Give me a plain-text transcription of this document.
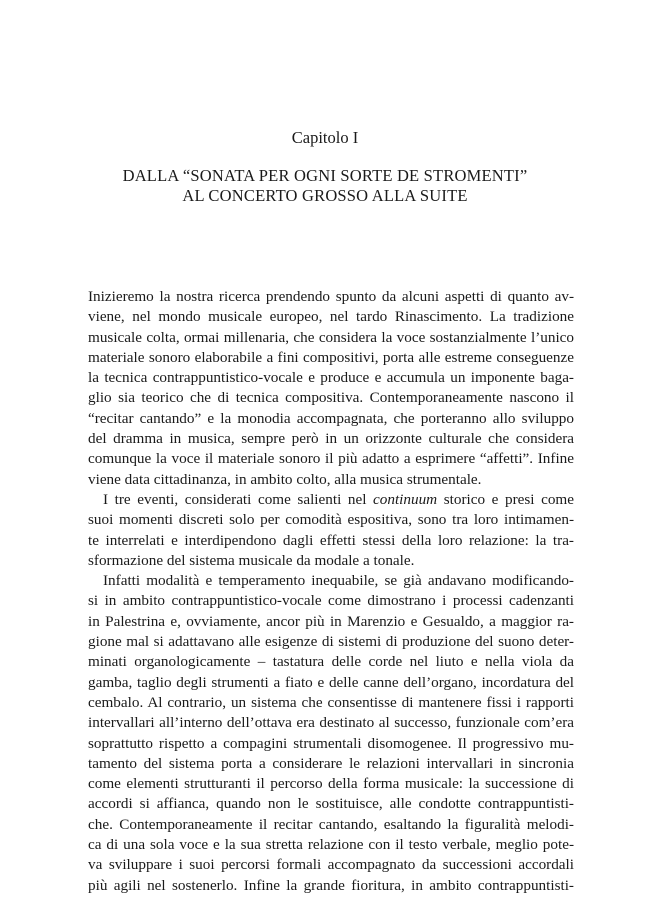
Capitolo I
DALLA “SONATA PER OGNI SORTE DE STROMENTI”
AL CONCERTO GROSSO ALLA SUITE

Inizieremo la nostra ricerca prendendo spunto da alcuni aspetti di quanto av-
viene, nel mondo musicale europeo, nel tardo Rinascimento. La tradizione
musicale colta, ormai millenaria, che considera la voce sostanzialmente l’unico
materiale sonoro elaborabile a fini compositivi, porta alle estreme conseguenze
la tecnica contrappuntistico-vocale e produce e accumula un imponente baga-
glio sia teorico che di tecnica compositiva. Contemporaneamente nascono il
“recitar cantando” e la monodia accompagnata, che porteranno allo sviluppo
del dramma in musica, sempre però in un orizzonte culturale che considera
comunque la voce il materiale sonoro il più adatto a esprimere “affetti”. Infine
viene data cittadinanza, in ambito colto, alla musica strumentale.

I tre eventi, considerati come salienti nel continuum storico e presi come
suoi momenti discreti solo per comodità espositiva, sono tra loro intimamen-
te interrelati e interdipendono dagli effetti stessi della loro relazione: la tra-
sformazione del sistema musicale da modale a tonale.

Infatti modalità e temperamento inequabile, se già andavano modificando-
si in ambito contrappuntistico-vocale come dimostrano i processi cadenzanti
in Palestrina e, ovviamente, ancor più in Marenzio e Gesualdo, a maggior ra-
gione mal si adattavano alle esigenze di sistemi di produzione del suono deter-
minati organologicamente – tastatura delle corde nel liuto e nella viola da
gamba, taglio degli strumenti a fiato e delle canne dell’organo, incordatura del
cembalo. Al contrario, un sistema che consentisse di mantenere fissi i rapporti
intervallari all’interno dell’ottava era destinato al successo, funzionale com’era
soprattutto rispetto a compagini strumentali disomogenee. Il progressivo mu-
tamento del sistema porta a considerare le relazioni intervallari in sincronia
come elementi strutturanti il percorso della forma musicale: la successione di
accordi si affianca, quando non le sostituisce, alle condotte contrappuntisti-
che. Contemporaneamente il recitar cantando, esaltando la figuralità melodi-
ca di una sola voce e la sua stretta relazione con il testo verbale, meglio pote-
va sviluppare i suoi percorsi formali accompagnato da successioni accordali
più agili nel sostenerlo. Infine la grande fioritura, in ambito contrappuntisti-
